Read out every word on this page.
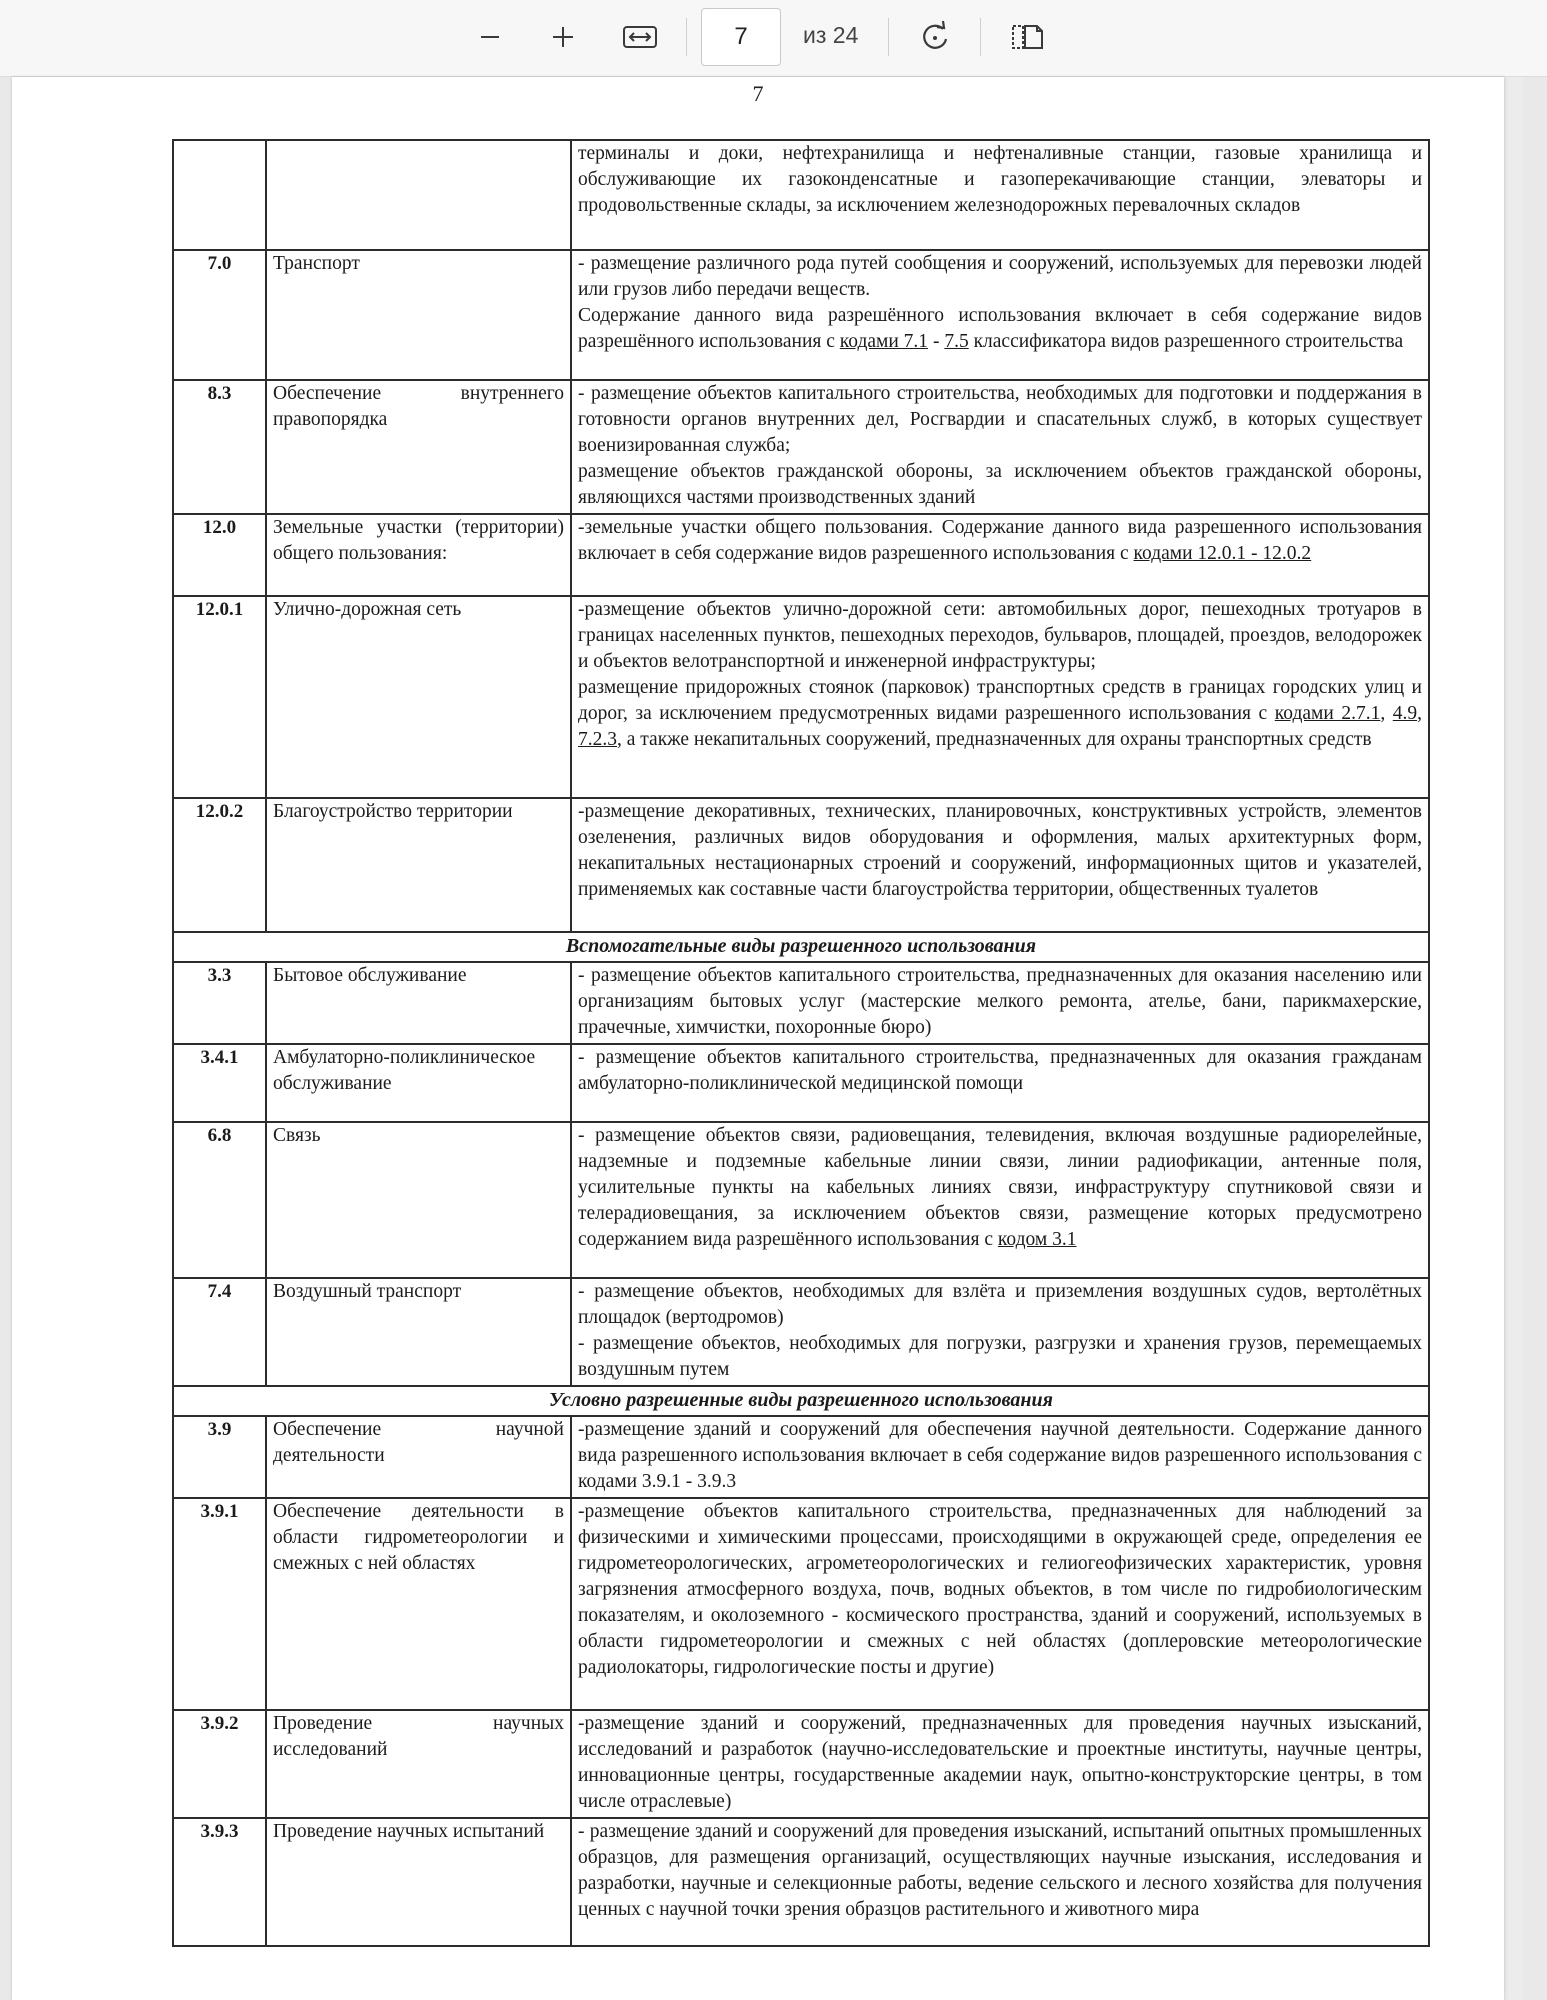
7
из 24
7

		терминалы и доки, нефтехранилища и нефтеналивные станции, газовые хранилища и обслуживающие их газоконденсатные и газоперекачивающие станции, элеваторы и продовольственные склады, за исключением железнодорожных перевалочных складов

7.0	Транспорт	- размещение различного рода путей сообщения и сооружений, используемых для перевозки людей или грузов либо передачи веществ.
Содержание данного вида разрешённого использования включает в себя содержание видов разрешённого использования с кодами 7.1 - 7.5 классификатора видов разрешенного строительства

8.3	Обеспечение внутреннего правопорядка	- размещение объектов капитального строительства, необходимых для подготовки и поддержания в готовности органов внутренних дел, Росгвардии и спасательных служб, в которых существует военизированная служба;
размещение объектов гражданской обороны, за исключением объектов гражданской обороны, являющихся частями производственных зданий

12.0	Земельные участки (территории) общего пользования:	-земельные участки общего пользования. Содержание данного вида разрешенного использования включает в себя содержание видов разрешенного использования с кодами 12.0.1 - 12.0.2

12.0.1	Улично-дорожная сеть	-размещение объектов улично-дорожной сети: автомобильных дорог, пешеходных тротуаров в границах населенных пунктов, пешеходных переходов, бульваров, площадей, проездов, велодорожек и объектов велотранспортной и инженерной инфраструктуры;
размещение придорожных стоянок (парковок) транспортных средств в границах городских улиц и дорог, за исключением предусмотренных видами разрешенного использования с кодами 2.7.1, 4.9, 7.2.3, а также некапитальных сооружений, предназначенных для охраны транспортных средств

12.0.2	Благоустройство территории	-размещение декоративных, технических, планировочных, конструктивных устройств, элементов озеленения, различных видов оборудования и оформления, малых архитектурных форм, некапитальных нестационарных строений и сооружений, информационных щитов и указателей, применяемых как составные части благоустройства территории, общественных туалетов

Вспомогательные виды разрешенного использования		
3.3	Бытовое обслуживание	- размещение объектов капитального строительства, предназначенных для оказания населению или организациям бытовых услуг (мастерские мелкого ремонта, ателье, бани, парикмахерские, прачечные, химчистки, похоронные бюро)

3.4.1	Амбулаторно-поликлиническое обслуживание	- размещение объектов капитального строительства, предназначенных для оказания гражданам амбулаторно-поликлинической медицинской помощи

6.8	Связь	- размещение объектов связи, радиовещания, телевидения, включая воздушные радиорелейные, надземные и подземные кабельные линии связи, линии радиофикации, антенные поля, усилительные пункты на кабельных линиях связи, инфраструктуру спутниковой связи и телерадиовещания, за исключением объектов связи, размещение которых предусмотрено содержанием вида разрешённого использования с кодом 3.1

7.4	Воздушный транспорт	- размещение объектов, необходимых для взлёта и приземления воздушных судов, вертолётных площадок (вертодромов)
- размещение объектов, необходимых для погрузки, разгрузки и хранения грузов, перемещаемых воздушным путем

Условно разрешенные виды разрешенного использования		
3.9	Обеспечение научной деятельности	-размещение зданий и сооружений для обеспечения научной деятельности. Содержание данного вида разрешенного использования включает в себя содержание видов разрешенного использования с кодами 3.9.1 - 3.9.3

3.9.1	Обеспечение деятельности в области гидрометеорологии и смежных с ней областях	-размещение объектов капитального строительства, предназначенных для наблюдений за физическими и химическими процессами, происходящими в окружающей среде, определения ее гидрометеорологических, агрометеорологических и гелиогеофизических характеристик, уровня загрязнения атмосферного воздуха, почв, водных объектов, в том числе по гидробиологическим показателям, и околоземного - космического пространства, зданий и сооружений, используемых в области гидрометеорологии и смежных с ней областях (доплеровские метеорологические радиолокаторы, гидрологические посты и другие)

3.9.2	Проведение научных исследований	-размещение зданий и сооружений, предназначенных для проведения научных изысканий, исследований и разработок (научно-исследовательские и проектные институты, научные центры, инновационные центры, государственные академии наук, опытно-конструкторские центры, в том числе отраслевые)

3.9.3	Проведение научных испытаний	- размещение зданий и сооружений для проведения изысканий, испытаний опытных промышленных образцов, для размещения организаций, осуществляющих научные изыскания, исследования и разработки, научные и селекционные работы, ведение сельского и лесного хозяйства для получения ценных с научной точки зрения образцов растительного и животного мира
